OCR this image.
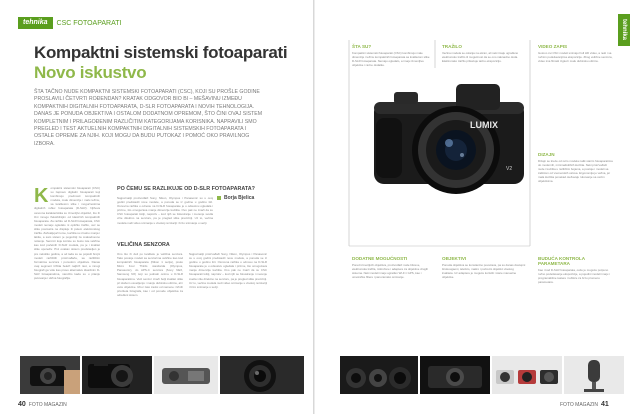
tehnika	CSC FOTOAPARATI
Kompaktni sistemski fotoaparati
Novo iskustvo
ŠTA TAČNO NUDE KOMPAKTNI SISTEMSKI FOTOAPARATI (CSC), KOJI SU PROŠLE GODINE PROSLAVILI ČETVRTI ROĐENDAN? KRATAK ODGOVOR BIO BI – MEŠAVINU IZMEĐU KOMPAKTNIH DIGITALNIH FOTOAPARATA, D-SLR FOTOAPARATA I NOVIH TEHNOLOGIJA. DANAS JE PONUDA OBJEKTIVA I OSTALOM DODATNOM OPREMOM, ŠTO ČINI OVAJ SISTEM KOMPLETNIM I PRILAGOĐENIM RAZLIČITIM KATEGORIJAMA KORISNIKA. NAPRAVILI SMO PREGLED I TEST AKTUELNIH KOMPAKTNIH DIGITALNIH SISTEMSKIH FOTOAPARATA I OSTALE OPREME ZA NJIH. KOJI MOGU DA BUDU PUTOKAZ I POMOĆ OKO PRAVILNOG IZBORA.
Kompaktni sistemski fotoaparati (CSC) su zapravo digitalni fotoaparati koji kombinuju prednosti kompaktnih modela, male dimenzije i malu težinu, sa kvalitetom slike i mogućnostima digitalnih reflex fotoaparata (D-SLR). Njihova osnovna karakteristika su izmenljivi objektivi, što ih čini mnogo fleksibilnijim od klasičnih kompaktnih fotoaparata. Za razliku od D-SLR fotoaparata, CSC modeli nemaju ogledalo ni optičko tražilo, već se slika posmatra na displeju ili putem elektronskog tražila. Zahvaljujući tome, kućišta su znatno manja i lakša, a sam sistem je pogodniji za svakodnevno nošenje. Senzori koje koriste su često iste veličine kao kod početnih D-SLR modela, pa je i kvalitet slike uporediv. Prvi ovakav sistem predstavljen je pre nekoliko godina, a od tada su se pojavili brojni modeli različitih proizvođača, sa različitim formatima senzora i ponudom objektiva. Danas ovaj segment tržišta beleži najbrži rast, a mnogi fotografi ga vide kao pravu alternativu klasičnim D-SLR fotoaparatima, naročito kada su u pitanju putovanja i ulična fotografija.
PO ČEMU SE RAZLIKUJE OD D-SLR FOTOAPARATA?
Najpoznatiji proizvođači Sony, Nikon, Olympus i Panasonic su u ovoj godini predstavili nove modele, a ponuda se iz godine u godinu širi. Osnovna razlika u odnosu na D-SLR fotoaparate je u odsustvu ogledala i prizme, što omogućava manje dimenzije kućišta. Ovo pak ne znači da su CSC fotoaparati lošiji, naprotiv – kod njih se fokusiranje i merenje svetla vrše direktno na senzoru, pa je pregled slike precizniji. Uz to, većina modela nudi video snimanje u visokoj rezoluciji i brzo snimanje u seriji.
Borja Bjelica
VELIČINA SENZORA
Ono što ih deli po kvalitetu je veličina senzora. Tako postoje modeli sa senzorima veličine kao kod kompaktnih fotoaparata (Nikon 1 serija), preko Micro Four Thirds standarda (Olympus, Panasonic), do APS-C senzora (Sony NEX, Samsung NX) koji su jednaki onima u D-SLR fotoaparatima. Veći senzor znači bolji kvalitet slike pri slabom osvetljenju i manju dubinsku oštrinu, ali i veće objektive. Izbor zato zavisi od namene i ličnih prioriteta fotografa, kao i od ponude objektiva za određeni sistem.
Najpoznatiji proizvođači Sony, Nikon, Olympus i Panasonic su u ovoj godini predstavili nove modele, a ponuda se iz godine u godinu širi. Osnovna razlika u odnosu na D-SLR fotoaparate je u odsustvu ogledala i prizme, što omogućava manje dimenzije kućišta. Ovo pak ne znači da su CSC fotoaparati lošiji, naprotiv – kod njih se fokusiranje i merenje svetla vrše direktno na senzoru, pa je pregled slike precizniji. Uz to, većina modela nudi video snimanje u visokoj rezoluciji i brzo snimanje u seriji.
40 FOTO MAGAZIN
tehnika
LUMIX
V2
ŠTA SU?
Kompaktni sistemski fotoaparati (CSC) kombinuju male dimenzije i težinu kompaktnih fotoaparata sa kvalitetom slike D-SLR fotoaparata. Nemaju ogledalo, a imaju izmenljive objektive i razne dodatke.
TRAŽILO
Većina modela se oslanja na ekran, ali neki imaju ugrađeno elektronsko tražilo ili mogućnost da se ono naknadno doda. Elektronsko tražilo prikazuje tačnu ekspoziciju.
VIDEO ZAPIS
Gotovo svi CSC modeli snimaju Full HD video, a neki i sa ručnim podešavanjima ekspozicije. Zbog veličine senzora, video ima filmski izgled i malu dubinsku oštrinu.
DIZAJN
Dizajn se kreće od retro modela nalik starim fotoaparatima do modernih, minimalističkih kućišta. Neki proizvođači nude i kućišta u različitim bojama, a postoje i modeli sa zaštitom od vremenskih uslova. Ergonomija je važna, jer mala kućišta ponekad otežavaju rukovanje sa većim objektivima.
DODATNE MOGUĆNOSTI
Pored izmenljivih objektiva, proizvođači nude bliceve, elektronska tražila, mikrofone i adaptere za objektive drugih sistema. Neki modeli imaju ugrađen Wi-Fi i GPS, kao i umetničke filtere i panoramsko snimanje.
OBJEKTIVI
Ponuda objektiva se konstantno povećava, pa su danas dostupni širokougaoni, telefoto, makro i portretni objektivi visokog kvaliteta. Uz adaptere je moguće koristiti i stare manuelne objektive.
BUDUĆA KONTROLA PARAMETARA
Kao i kod D-SLR fotoaparata, ovde je moguće potpuno ručno podešavanje ekspozicije, a pojedini modeli imaju i programabilne tastere i točkiće za brzu promenu parametara.
FOTO MAGAZIN 41
